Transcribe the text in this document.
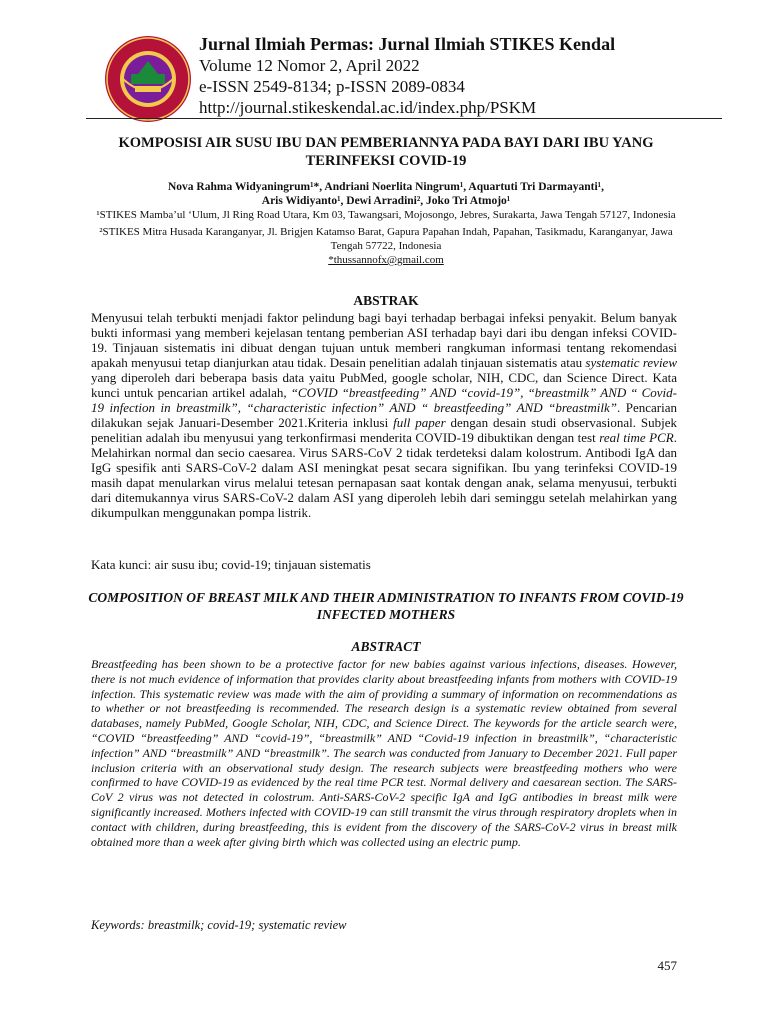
Jurnal Ilmiah Permas: Jurnal Ilmiah STIKES Kendal
Volume 12 Nomor 2, April 2022
e-ISSN 2549-8134; p-ISSN 2089-0834
http://journal.stikeskendal.ac.id/index.php/PSKM
KOMPOSISI AIR SUSU IBU DAN PEMBERIANNYA PADA BAYI DARI IBU YANG TERINFEKSI COVID-19
Nova Rahma Widyaningrum¹*, Andriani Noerlita Ningrum¹, Aquartuti Tri Darmayanti¹,
Aris Widiyanto¹, Dewi Arradini², Joko Tri Atmojo¹
¹STIKES Mamba’ul ‘Ulum, Jl Ring Road Utara, Km 03, Tawangsari, Mojosongo, Jebres, Surakarta, Jawa Tengah 57127, Indonesia
²STIKES Mitra Husada Karanganyar, Jl. Brigjen Katamso Barat, Gapura Papahan Indah, Papahan, Tasikmadu, Karanganyar, Jawa Tengah 57722, Indonesia
*thussannofx@gmail.com
ABSTRAK
Menyusui telah terbukti menjadi faktor pelindung bagi bayi terhadap berbagai infeksi penyakit. Belum banyak bukti informasi yang memberi kejelasan tentang pemberian ASI terhadap bayi dari ibu dengan infeksi COVID-19. Tinjauan sistematis ini dibuat dengan tujuan untuk memberi rangkuman informasi tentang rekomendasi apakah menyusui tetap dianjurkan atau tidak. Desain penelitian adalah tinjauan sistematis atau systematic review yang diperoleh dari beberapa basis data yaitu PubMed, google scholar, NIH, CDC, dan Science Direct. Kata kunci untuk pencarian artikel adalah, “COVID “breastfeeding” AND “covid-19”, “breastmilk” AND “ Covid-19 infection in breastmilk”, “characteristic infection” AND “ breastfeeding” AND “breastmilk”. Pencarian dilakukan sejak Januari-Desember 2021.Kriteria inklusi full paper dengan desain studi observasional. Subjek penelitian adalah ibu menyusui yang terkonfirmasi menderita COVID-19 dibuktikan dengan test real time PCR. Melahirkan normal dan secio caesarea. Virus SARS-CoV 2 tidak terdeteksi dalam kolostrum. Antibodi IgA dan IgG spesifik anti SARS-CoV-2 dalam ASI meningkat pesat secara signifikan. Ibu yang terinfeksi COVID-19 masih dapat menularkan virus melalui tetesan pernapasan saat kontak dengan anak, selama menyusui, terbukti dari ditemukannya virus SARS-CoV-2 dalam ASI yang diperoleh lebih dari seminggu setelah melahirkan yang dikumpulkan menggunakan pompa listrik.
Kata kunci: air susu ibu; covid-19; tinjauan sistematis
COMPOSITION OF BREAST MILK AND THEIR ADMINISTRATION TO INFANTS FROM COVID-19 INFECTED MOTHERS
ABSTRACT
Breastfeeding has been shown to be a protective factor for new babies against various infections, diseases. However, there is not much evidence of information that provides clarity about breastfeeding infants from mothers with COVID-19 infection. This systematic review was made with the aim of providing a summary of information on recommendations as to whether or not breastfeeding is recommended. The research design is a systematic review obtained from several databases, namely PubMed, Google Scholar, NIH, CDC, and Science Direct. The keywords for the article search were, “COVID “breastfeeding” AND “covid-19”, “breastmilk” AND “Covid-19 infection in breastmilk”, “characteristic infection” AND “breastmilk” AND “breastmilk”. The search was conducted from January to December 2021. Full paper inclusion criteria with an observational study design. The research subjects were breastfeeding mothers who were confirmed to have COVID-19 as evidenced by the real time PCR test. Normal delivery and caesarean section. The SARS-CoV 2 virus was not detected in colostrum. Anti-SARS-CoV-2 specific IgA and IgG antibodies in breast milk were significantly increased. Mothers infected with COVID-19 can still transmit the virus through respiratory droplets when in contact with children, during breastfeeding, this is evident from the discovery of the SARS-CoV-2 virus in breast milk obtained more than a week after giving birth which was collected using an electric pump.
Keywords: breastmilk; covid-19; systematic review
457
